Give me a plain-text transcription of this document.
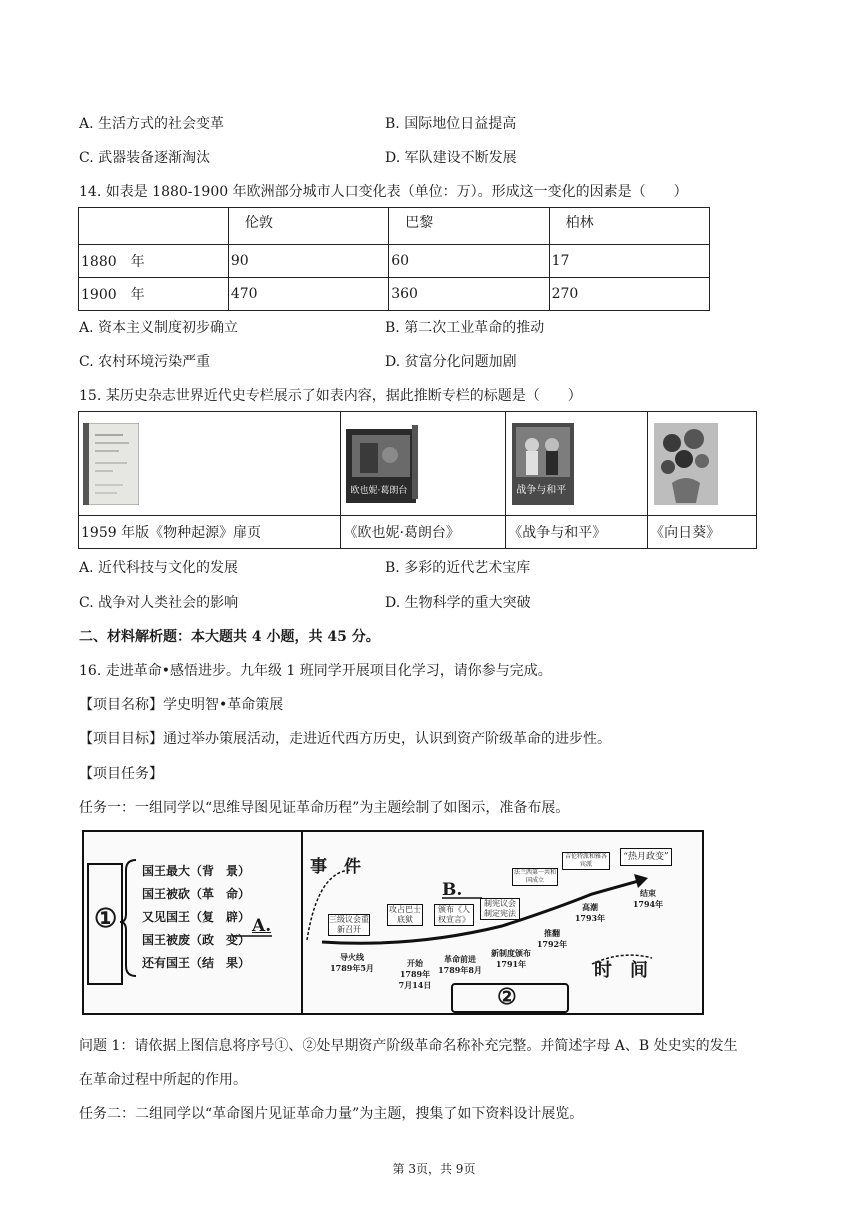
A. 生活方式的社会变革	B. 国际地位日益提高
C. 武器装备逐渐淘汰	D. 军队建设不断发展
14. 如表是 1880-1900 年欧洲部分城市人口变化表（单位：万）。形成这一变化的因素是（　　）
	伦敦	巴黎	柏林
1880　年	90	60	17
1900　年	470	360	270
A. 资本主义制度初步确立	B. 第二次工业革命的推动
C. 农村环境污染严重	D. 贫富分化问题加剧
15. 某历史杂志世界近代史专栏展示了如表内容，据此推断专栏的标题是（　　）

欧也妮·葛朗台	战争与和平

1959 年版《物种起源》扉页	《欧也妮·葛朗台》	《战争与和平》	《向日葵》
A. 近代科技与文化的发展	B. 多彩的近代艺术宝库
C. 战争对人类社会的影响	D. 生物科学的重大突破
二、材料解析题：本大题共 4 小题，共 45 分。
16. 走进革命•感悟进步。九年级 1 班同学开展项目化学习，请你参与完成。
【项目名称】学史明智•革命策展
【项目目标】通过举办策展活动，走进近代西方历史，认识到资产阶级革命的进步性。
【项目任务】
任务一：一组同学以“思维导图见证革命历程”为主题绘制了如图示，准备布展。
①
国王最大（背　景）
国王被砍（革　命）
又见国王（复　辟）
国王被废（政　变）
还有国王（结　果）
A.
事　件
B.
时　间
②
三级议会重新召开
攻占巴士底狱
颁布《人权宣言》
制宪议会制定宪法
法兰西第一共和国成立
吉伦特派和雅各宾派
“热月政变”
导火线
1789年5月	开始
1789年7月14日
革命前进
1789年8月
新制度颁布
1791年
推翻
1792年
高潮
1793年
结束
1794年
问题 1：请依据上图信息将序号①、②处早期资产阶级革命名称补充完整。并简述字母 A、B 处史实的发生
在革命过程中所起的作用。
任务二：二组同学以“革命图片见证革命力量”为主题，搜集了如下资料设计展览。
第 3页，共 9页
